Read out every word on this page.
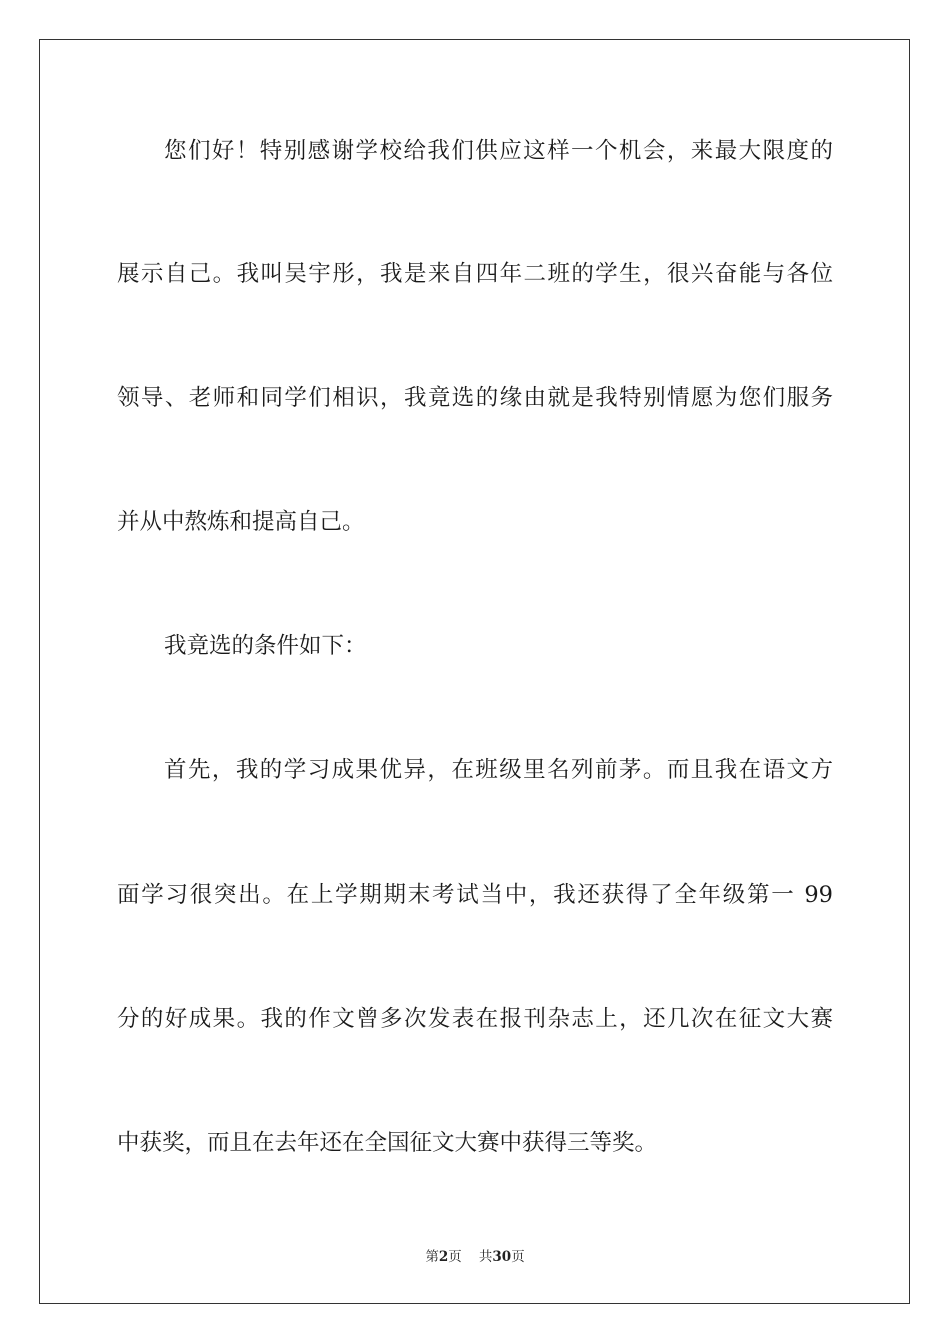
您们好！特别感谢学校给我们供应这样一个机会，来最大限度的
展示自己。我叫吴宇彤，我是来自四年二班的学生，很兴奋能与各位
领导、老师和同学们相识，我竟选的缘由就是我特别情愿为您们服务
并从中熬炼和提高自己。
我竟选的条件如下：
首先，我的学习成果优异，在班级里名列前茅。而且我在语文方
面学习很突出。在上学期期末考试当中，我还获得了全年级第一 99
分的好成果。我的作文曾多次发表在报刊杂志上，还几次在征文大赛
中获奖，而且在去年还在全国征文大赛中获得三等奖。
第2页 共30页
